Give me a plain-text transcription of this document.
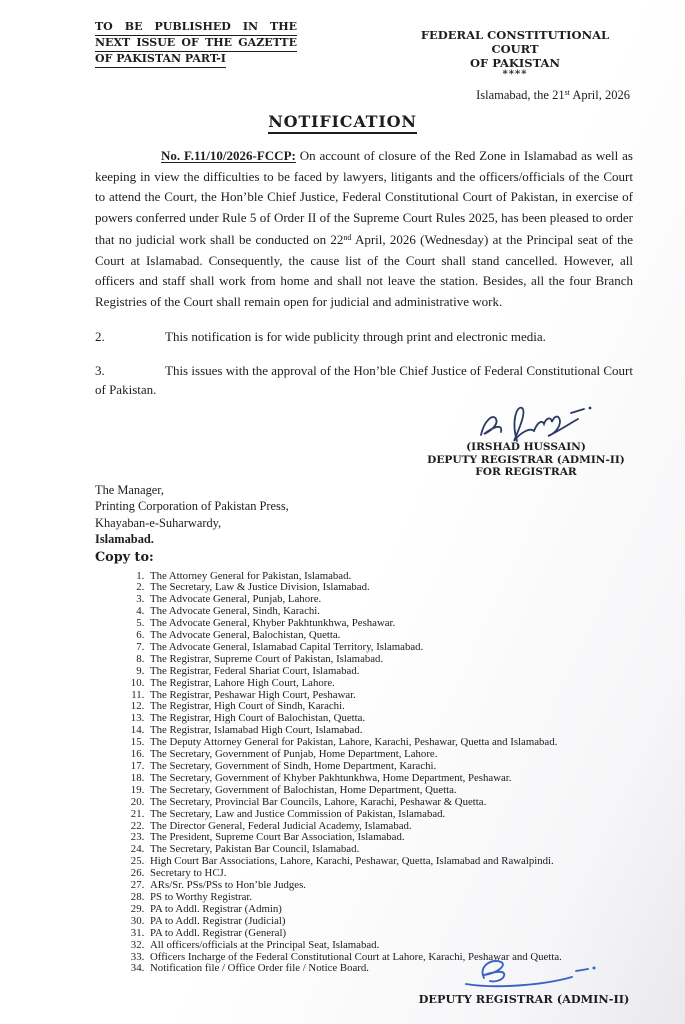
TO BE PUBLISHED IN THE
NEXT ISSUE OF THE GAZETTE
OF PAKISTAN PART-I
FEDERAL CONSTITUTIONAL COURT
OF PAKISTAN
****
Islamabad, the 21st April, 2026
NOTIFICATION

No. F.11/10/2026-FCCP: On account of closure of the Red Zone in Islamabad as well as keeping in view the difficulties to be faced by lawyers, litigants and the officers/officials of the Court to attend the Court, the Hon’ble Chief Justice, Federal Constitutional Court of Pakistan, in exercise of powers conferred under Rule 5 of Order II of the Supreme Court Rules 2025, has been pleased to order that no judicial work shall be conducted on 22nd April, 2026 (Wednesday) at the Principal seat of the Court at Islamabad. Consequently, the cause list of the Court shall stand cancelled. However, all officers and staff shall work from home and shall not leave the station. Besides, all the four Branch Registries of the Court shall remain open for judicial and administrative work.

2.	This notification is for wide publicity through print and electronic media.

3.	This issues with the approval of the Hon’ble Chief Justice of Federal Constitutional Court of Pakistan.

(IRSHAD HUSSAIN)
DEPUTY REGISTRAR (ADMIN-II)
FOR REGISTRAR
The Manager,
Printing Corporation of Pakistan Press,
Khayaban-e-Suharwardy,
Islamabad.
Copy to:
1. The Attorney General for Pakistan, Islamabad.
2. The Secretary, Law & Justice Division, Islamabad.
3. The Advocate General, Punjab, Lahore.
4. The Advocate General, Sindh, Karachi.
5. The Advocate General, Khyber Pakhtunkhwa, Peshawar.
6. The Advocate General, Balochistan, Quetta.
7. The Advocate General, Islamabad Capital Territory, Islamabad.
8. The Registrar, Supreme Court of Pakistan, Islamabad.
9. The Registrar, Federal Shariat Court, Islamabad.
10. The Registrar, Lahore High Court, Lahore.
11. The Registrar, Peshawar High Court, Peshawar.
12. The Registrar, High Court of Sindh, Karachi.
13. The Registrar, High Court of Balochistan, Quetta.
14. The Registrar, Islamabad High Court, Islamabad.
15. The Deputy Attorney General for Pakistan, Lahore, Karachi, Peshawar, Quetta and Islamabad.
16. The Secretary, Government of Punjab, Home Department, Lahore.
17. The Secretary, Government of Sindh, Home Department, Karachi.
18. The Secretary, Government of Khyber Pakhtunkhwa, Home Department, Peshawar.
19. The Secretary, Government of Balochistan, Home Department, Quetta.
20. The Secretary, Provincial Bar Councils, Lahore, Karachi, Peshawar & Quetta.
21. The Secretary, Law and Justice Commission of Pakistan, Islamabad.
22. The Director General, Federal Judicial Academy, Islamabad.
23. The President, Supreme Court Bar Association, Islamabad.
24. The Secretary, Pakistan Bar Council, Islamabad.
25. High Court Bar Associations, Lahore, Karachi, Peshawar, Quetta, Islamabad and Rawalpindi.
26. Secretary to HCJ.
27. ARs/Sr. PSs/PSs to Hon’ble Judges.
28. PS to Worthy Registrar.
29. PA to Addl. Registrar (Admin)
30. PA to Addl. Registrar (Judicial)
31. PA to Addl. Registrar (General)
32. All officers/officials at the Principal Seat, Islamabad.
33. Officers Incharge of the Federal Constitutional Court at Lahore, Karachi, Peshawar and Quetta.
34. Notification file / Office Order file / Notice Board.
DEPUTY REGISTRAR (ADMIN-II)
